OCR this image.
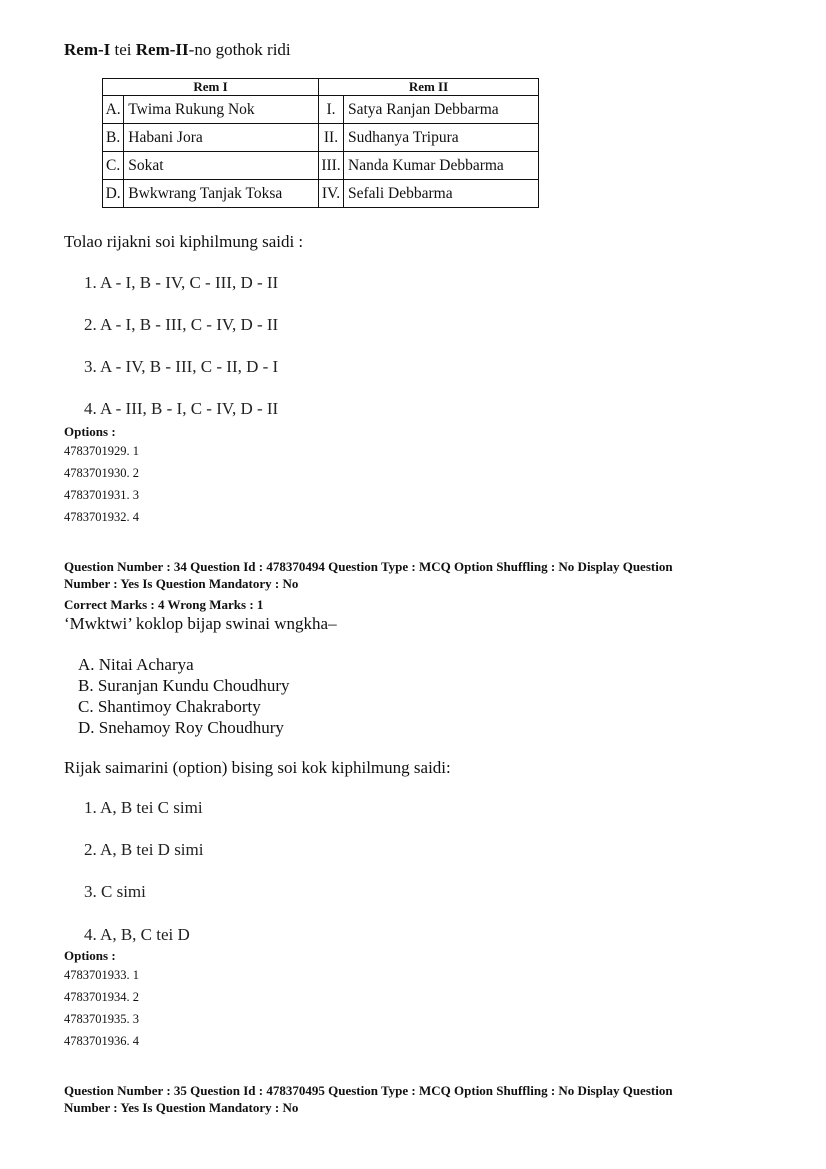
Rem-I tei Rem-II-no gothok ridi
Rem I		Rem II	
A.	Twima Rukung Nok	I.	Satya Ranjan Debbarma
B.	Habani Jora	II.	Sudhanya Tripura
C.	Sokat	III.	Nanda Kumar Debbarma
D.	Bwkwrang Tanjak Toksa	IV.	Sefali Debbarma
Tolao rijakni soi kiphilmung saidi :
1. A - I, B - IV, C - III, D - II
2. A - I, B - III, C - IV, D - II
3. A - IV, B - III, C - II, D - I
4. A - III, B - I, C - IV, D - II
Options :
4783701929. 1
4783701930. 2
4783701931. 3
4783701932. 4
Question Number : 34 Question Id : 478370494 Question Type : MCQ Option Shuffling : No Display Question
Number : Yes Is Question Mandatory : No
Correct Marks : 4 Wrong Marks : 1
‘Mwktwi’ koklop bijap swinai wngkha–
A. Nitai Acharya
B. Suranjan Kundu Choudhury
C. Shantimoy Chakraborty
D. Snehamoy Roy Choudhury
Rijak saimarini (option) bising soi kok kiphilmung saidi:
1. A, B tei C simi
2. A, B tei D simi
3. C simi
4. A, B, C tei D
Options :
4783701933. 1
4783701934. 2
4783701935. 3
4783701936. 4
Question Number : 35 Question Id : 478370495 Question Type : MCQ Option Shuffling : No Display Question
Number : Yes Is Question Mandatory : No
